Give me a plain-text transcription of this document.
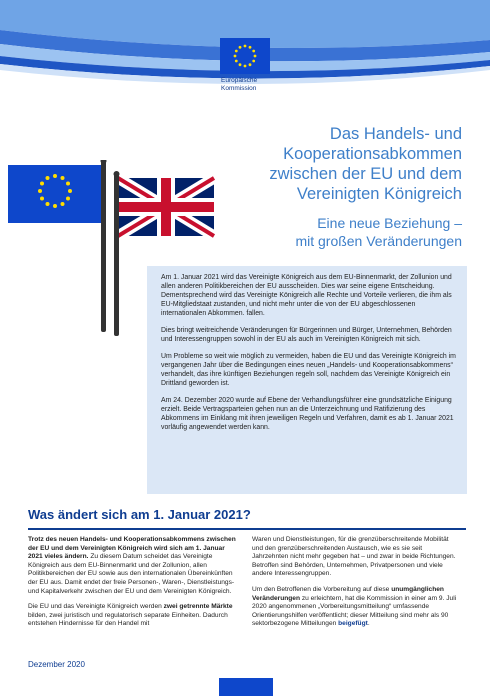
Europäische
Kommission
Das Handels- und
Kooperationsabkommen
zwischen der EU und dem
Vereinigten Königreich
Eine neue Beziehung –
mit großen Veränderungen

Am 1. Januar 2021 wird das Vereinigte Königreich aus dem EU-Binnenmarkt, der Zollunion und allen anderen Politikbereichen der EU ausscheiden. Dies war seine eigene Entscheidung. Dementsprechend wird das Vereinigte Königreich alle Rechte und Vorteile verlieren, die ihm als EU-Mitgliedstaat zustanden, und nicht mehr unter die von der EU abgeschlossenen internationalen Abkommen. fallen.

Dies bringt weitreichende Veränderungen für Bürgerinnen und Bürger, Unternehmen, Behörden und Interessengruppen sowohl in der EU als auch im Vereinigten Königreich mit sich.

Um Probleme so weit wie möglich zu vermeiden, haben die EU und das Vereinigte Königreich im vergangenen Jahr über die Bedingungen eines neuen „Handels- und Kooperationsabkommens“ verhandelt, das ihre künftigen Beziehungen regeln soll, nachdem das Vereinigte Königreich ein Drittland geworden ist.

Am 24. Dezember 2020 wurde auf Ebene der Verhandlungsführer eine grundsätzliche Einigung erzielt. Beide Vertragsparteien gehen nun an die Unterzeichnung und Ratifizierung des Abkommens im Einklang mit ihren jeweiligen Regeln und Verfahren, damit es ab 1. Januar 2021 vorläufig angewendet werden kann.

Was ändert sich am 1. Januar 2021?

Trotz des neuen Handels- und Kooperationsabkommens zwischen der EU und dem Vereinigten Königreich wird sich am 1. Januar 2021 vieles ändern. Zu diesem Datum scheidet das Vereinigte Königreich aus dem EU-Binnenmarkt und der Zollunion, allen Politikbereichen der EU sowie aus den internationalen Übereinkünften der EU aus. Damit endet der freie Personen-, Waren-, Dienstleistungs- und Kapitalverkehr zwischen der EU und dem Vereinigten Königreich.

Die EU und das Vereinigte Königreich werden zwei getrennte Märkte bilden, zwei juristisch und regulatorisch separate Einheiten. Dadurch entstehen Hindernisse für den Handel mit

Waren und Dienstleistungen, für die grenzüberschreitende Mobilität und den grenzüberschreitenden Austausch, wie es sie seit Jahrzehnten nicht mehr gegeben hat – und zwar in beide Richtungen. Betroffen sind Behörden, Unternehmen, Privatpersonen und viele andere Interessengruppen.

Um den Betroffenen die Vorbereitung auf diese unumgänglichen Veränderungen zu erleichtern, hat die Kommission in einer am 9. Juli 2020 angenommenen „Vorbereitungsmitteilung“ umfassende Orientierungshilfen veröffentlicht; dieser Mitteilung sind mehr als 90 sektorbezogene Mitteilungen beigefügt.

Dezember 2020
